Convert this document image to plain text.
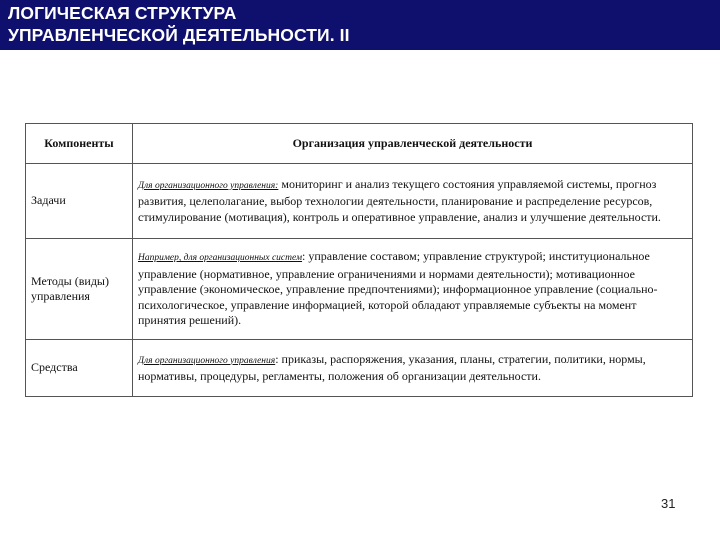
ЛОГИЧЕСКАЯ СТРУКТУРА
УПРАВЛЕНЧЕСКОЙ ДЕЯТЕЛЬНОСТИ. II
Компоненты	Организация управленческой деятельности
Задачи	Для организационного управления: мониторинг и анализ текущего состояния управляемой системы, прогноз развития, целеполагание, выбор технологии деятельности, планирование и распределение ресурсов, стимулирование (мотивация), контроль и оперативное управление, анализ и улучшение деятельности.
Методы (виды) управления	Например, для организационных систем: управление составом; управление структурой; институциональное управление (нормативное, управление ограничениями и нормами деятельности); мотивационное управление (экономическое, управление предпочтениями); информационное управление (социально-психологическое, управление информацией, которой обладают управляемые субъекты на момент принятия решений).
Средства	Для организационного управления: приказы, распоряжения, указания, планы, стратегии, политики, нормы, нормативы, процедуры, регламенты, положения об организации деятельности.
31
